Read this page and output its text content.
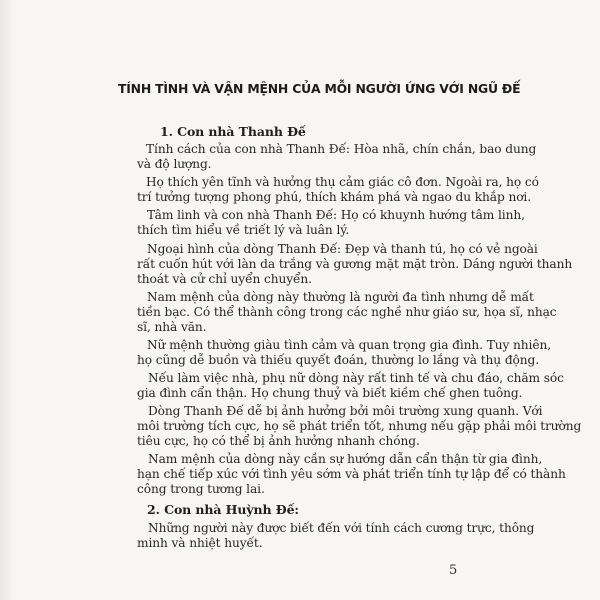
TÍNH TÌNH VÀ VẬN MỆNH CỦA MỖI NGƯỜI ỨNG VỚI NGŨ ĐẾ
1. Con nhà Thanh Đế
Tính cách của con nhà Thanh Đế: Hòa nhã, chín chắn, bao dung
và độ lượng.
Họ thích yên tĩnh và hưởng thụ cảm giác cô đơn. Ngoài ra, họ có
trí tưởng tượng phong phú, thích khám phá và ngao du khắp nơi.
Tâm linh và con nhà Thanh Đế: Họ có khuynh hướng tâm linh,
thích tìm hiểu về triết lý và luân lý.
Ngoại hình của dòng Thanh Đế: Đẹp và thanh tú, họ có vẻ ngoài
rất cuốn hút với làn da trắng và gương mặt mặt tròn. Dáng người thanh
thoát và cử chỉ uyển chuyển.
Nam mệnh của dòng này thường là người đa tình nhưng dễ mất
tiền bạc. Có thể thành công trong các nghề như giáo sư, họa sĩ, nhạc
sĩ, nhà văn.
Nữ mệnh thường giàu tình cảm và quan trọng gia đình. Tuy nhiên,
họ cũng dễ buồn và thiếu quyết đoán, thường lo lắng và thụ động.
Nếu làm việc nhà, phụ nữ dòng này rất tinh tế và chu đáo, chăm sóc
gia đình cẩn thận. Họ chung thuỷ và biết kiềm chế ghen tuông.
Dòng Thanh Đế dễ bị ảnh hưởng bởi môi trường xung quanh. Với
môi trường tích cực, họ sẽ phát triển tốt, nhưng nếu gặp phải môi trường
tiêu cực, họ có thể bị ảnh hưởng nhanh chóng.
Nam mệnh của dòng này cần sự hướng dẫn cẩn thận từ gia đình,
hạn chế tiếp xúc với tình yêu sớm và phát triển tính tự lập để có thành
công trong tương lai.
2. Con nhà Huỳnh Đế:
Những người này được biết đến với tính cách cương trực, thông
minh và nhiệt huyết.
5
